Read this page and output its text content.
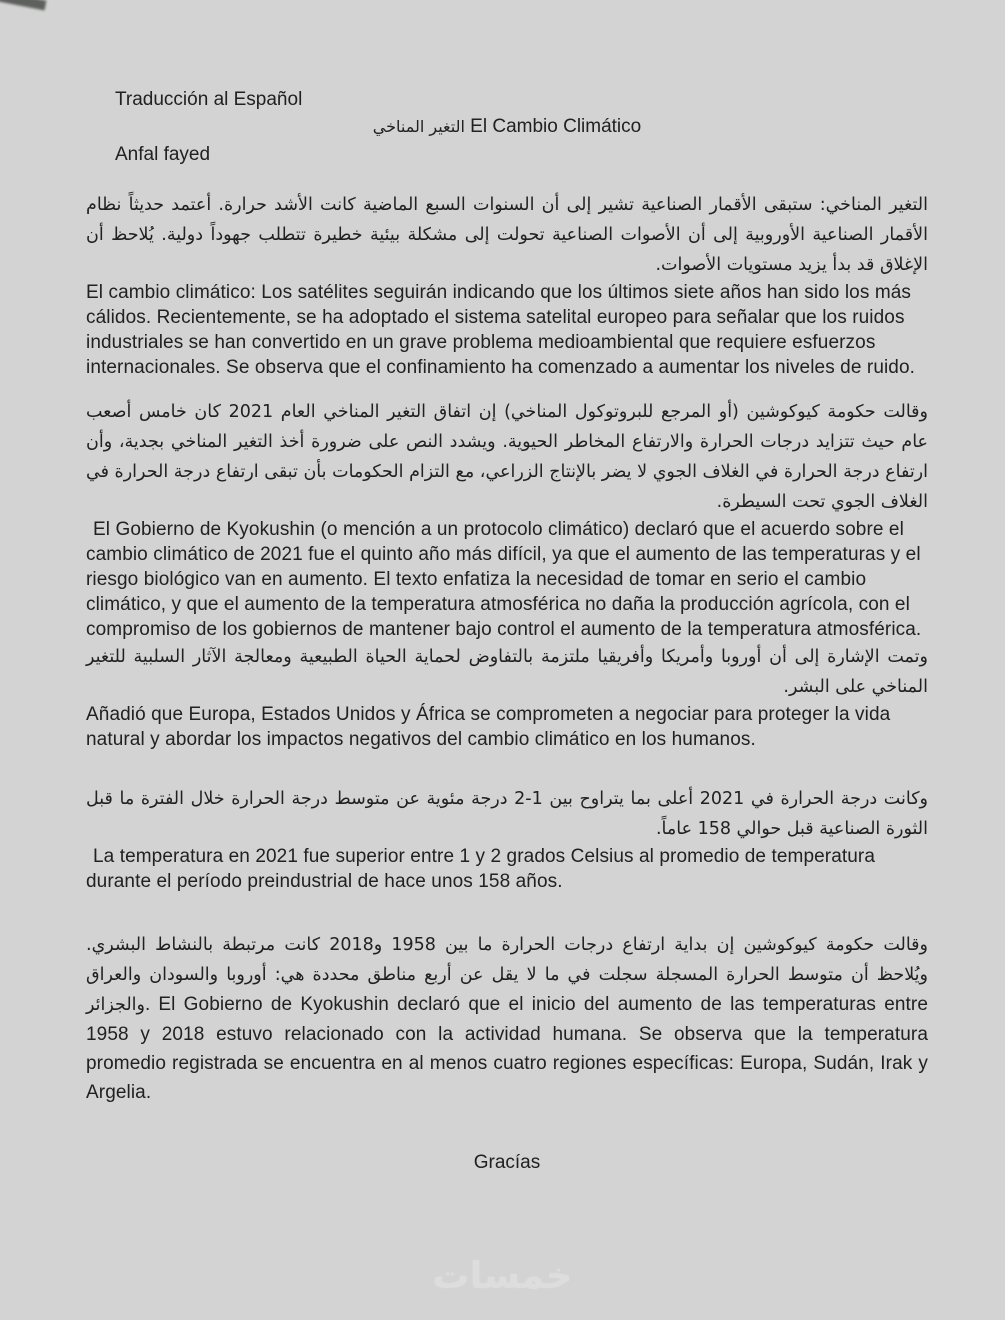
Traducción al Español

التغير المناخي El Cambio Climático

Anfal fayed

التغير المناخي: ستبقى الأقمار الصناعية تشير إلى أن السنوات السبع الماضية كانت الأشد حرارة. أعتمد حديثاً نظام الأقمار الصناعية الأوروبية إلى أن الأصوات الصناعية تحولت إلى مشكلة بيئية خطيرة تتطلب جهوداً دولية. يُلاحظ أن الإغلاق قد بدأ يزيد مستويات الأصوات.

El cambio climático: Los satélites seguirán indicando que los últimos siete años han sido los más cálidos. Recientemente, se ha adoptado el sistema satelital europeo para señalar que los ruidos industriales se han convertido en un grave problema medioambiental que requiere esfuerzos internacionales. Se observa que el confinamiento ha comenzado a aumentar los niveles de ruido.

وقالت حكومة كيوكوشين (أو المرجع للبروتوكول المناخي) إن اتفاق التغير المناخي العام 2021 كان خامس أصعب عام حيث تتزايد درجات الحرارة والارتفاع المخاطر الحيوية. ويشدد النص على ضرورة أخذ التغير المناخي بجدية، وأن ارتفاع درجة الحرارة في الغلاف الجوي لا يضر بالإنتاج الزراعي، مع التزام الحكومات بأن تبقى ارتفاع درجة الحرارة في الغلاف الجوي تحت السيطرة.

El Gobierno de Kyokushin (o mención a un protocolo climático) declaró que el acuerdo sobre el cambio climático de 2021 fue el quinto año más difícil, ya que el aumento de las temperaturas y el riesgo biológico van en aumento. El texto enfatiza la necesidad de tomar en serio el cambio climático, y que el aumento de la temperatura atmosférica no daña la producción agrícola, con el compromiso de los gobiernos de mantener bajo control el aumento de la temperatura atmosférica.

وتمت الإشارة إلى أن أوروبا وأمريكا وأفريقيا ملتزمة بالتفاوض لحماية الحياة الطبيعية ومعالجة الآثار السلبية للتغير المناخي على البشر.

Añadió que Europa, Estados Unidos y África se comprometen a negociar para proteger la vida natural y abordar los impactos negativos del cambio climático en los humanos.

وكانت درجة الحرارة في 2021 أعلى بما يتراوح بين 1-2 درجة مئوية عن متوسط درجة الحرارة خلال الفترة ما قبل الثورة الصناعية قبل حوالي 158 عاماً.

La temperatura en 2021 fue superior entre 1 y 2 grados Celsius al promedio de temperatura durante el período preindustrial de hace unos 158 años.

وقالت حكومة كيوكوشين إن بداية ارتفاع درجات الحرارة ما بين 1958 و2018 كانت مرتبطة بالنشاط البشري. ويُلاحظ أن متوسط الحرارة المسجلة سجلت في ما لا يقل عن أربع مناطق محددة هي: أوروبا والسودان والعراق والجزائر. El Gobierno de Kyokushin declaró que el inicio del aumento de las temperaturas entre 1958 y 2018 estuvo relacionado con la actividad humana. Se observa que la temperatura promedio registrada se encuentra en al menos cuatro regiones específicas: Europa, Sudán, Irak y Argelia.

Gracías

خمسات
